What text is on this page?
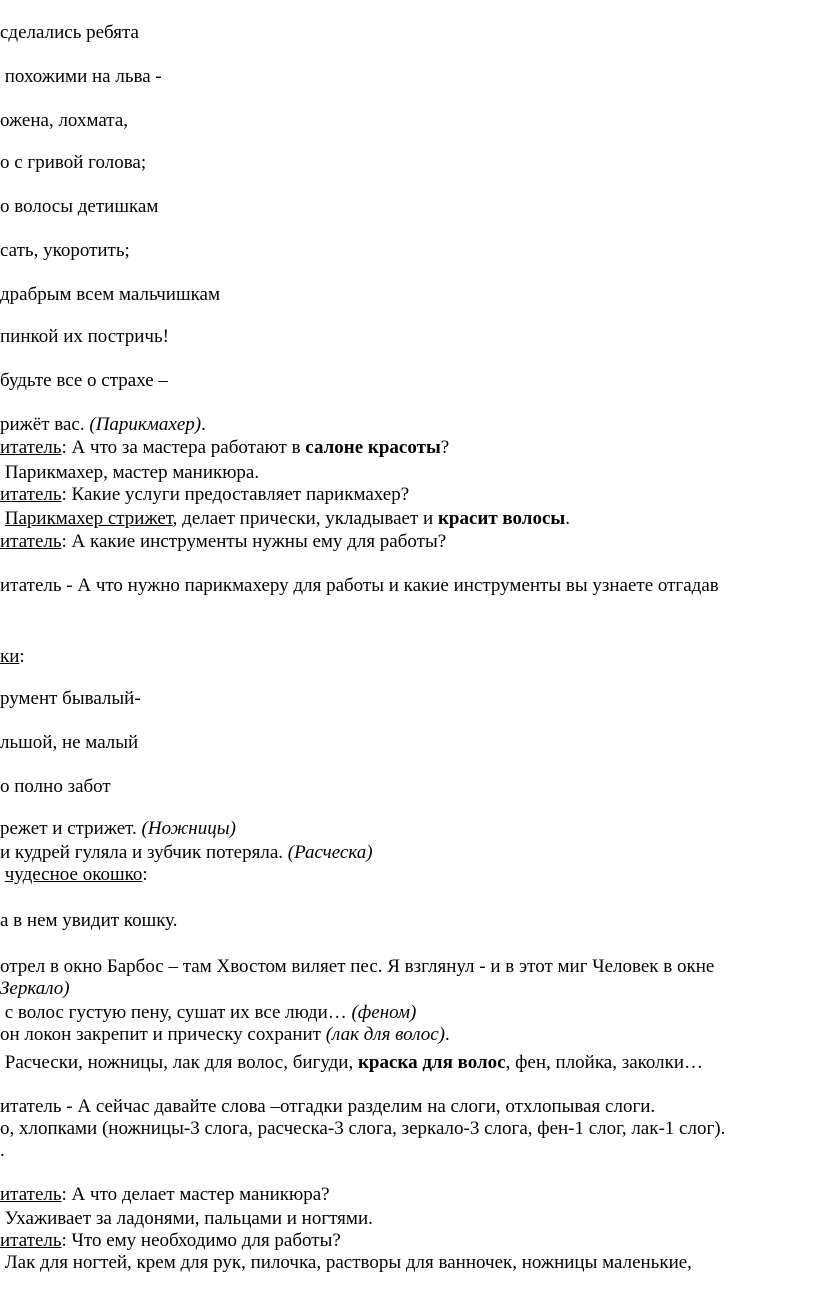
сделались ребята
похожими на льва -
ожена, лохмата,
о с гривой голова;
о волосы детишкам
сать, укоротить;
дрaбрым всем мальчишкам
пинкой их постричь!
будьте все о страхе –
рижёт вас. (Парикмахер).
итатель: А что за мастера работают в салоне красоты?
Парикмахер, мастер маникюра.
итатель: Какие услуги предоставляет парикмахер?
Парикмахер стрижет, делает прически, укладывает и красит волосы.
итатель: А какие инструменты нужны ему для работы?
итатель - А что нужно парикмахеру для работы и какие инструменты вы узнаете отгадав
ки:
румент бывалый-
льшой, не малый
о полно забот
режет и стрижет. (Ножницы)
и кудрей гуляла и зубчик потеряла. (Расческа)
чудесное окошко:
а в нем увидит кошку.
отрел в окно Барбос – там Хвостом виляет пес. Я взглянул - и в этот миг Человек в окне
Зеркало)
с волос густую пену, сушат их все люди… (феном)
он локон закрепит и прическу сохранит (лак для волос).
Расчески, ножницы, лак для волос, бигуди, краска для волос, фен, плойка, заколки…
итатель - А сейчас давайте слова –отгадки разделим на слоги, отхлопывая слоги.
о, хлопками (ножницы-3 слога, расческа-3 слога, зеркало-3 слога, фен-1 слог, лак-1 слог).
.
итатель: А что делает мастер маникюра?
Ухаживает за ладонями, пальцами и ногтями.
итатель: Что ему необходимо для работы?
Лак для ногтей, крем для рук, пилочка, растворы для ванночек, ножницы маленькие,
